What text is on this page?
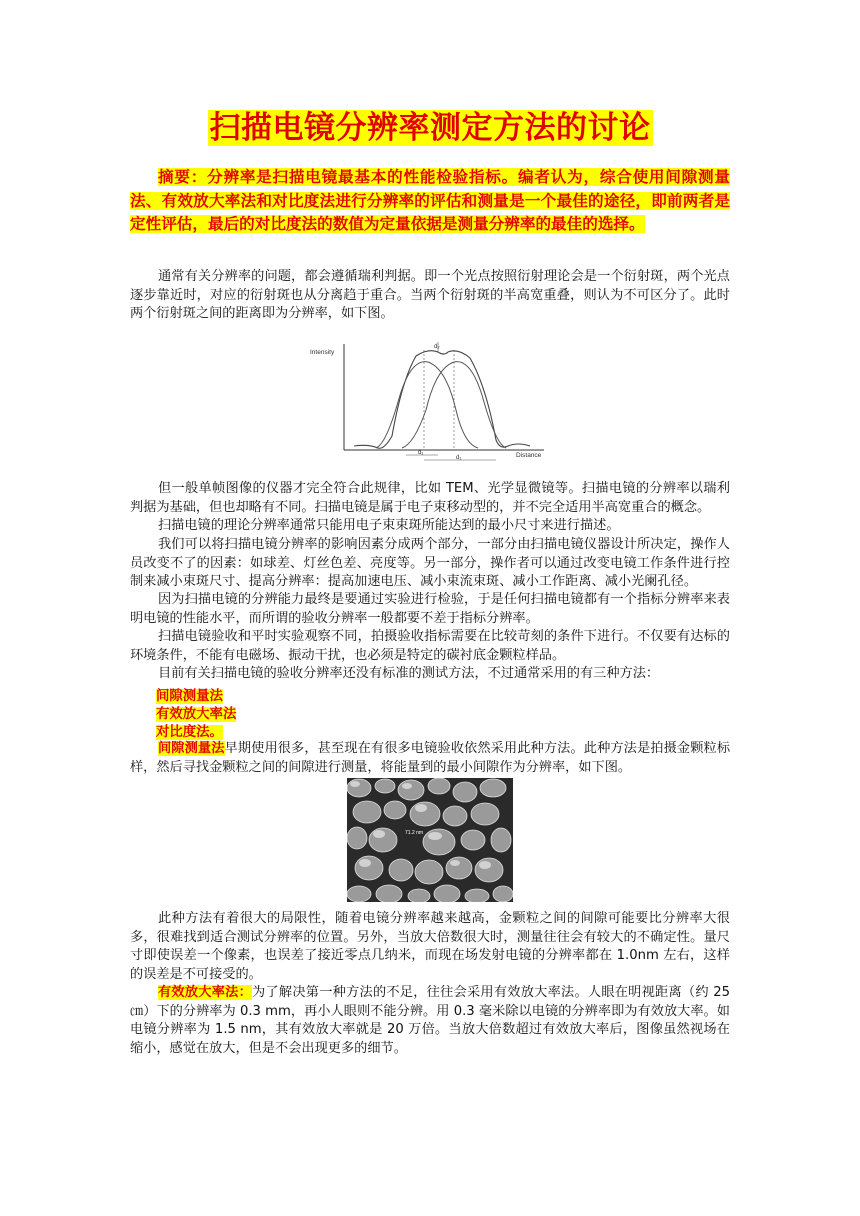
扫描电镜分辨率测定方法的讨论
摘要：分辨率是扫描电镜最基本的性能检验指标。编者认为，综合使用间隙测量法、有效放大率法和对比度法进行分辨率的评估和测量是一个最佳的途径，即前两者是定性评估，最后的对比度法的数值为定量依据是测量分辨率的最佳的选择。
通常有关分辨率的问题，都会遵循瑞利判据。即一个光点按照衍射理论会是一个衍射斑，两个光点逐步靠近时，对应的衍射斑也从分离趋于重合。当两个衍射斑的半高宽重叠，则认为不可区分了。此时两个衍射斑之间的距离即为分辨率，如下图。
Intensity
Distance
d₂
d₁
d₁
但一般单帧图像的仪器才完全符合此规律，比如 TEM、光学显微镜等。扫描电镜的分辨率以瑞利判据为基础，但也却略有不同。扫描电镜是属于电子束移动型的，并不完全适用半高宽重合的概念。
扫描电镜的理论分辨率通常只能用电子束束斑所能达到的最小尺寸来进行描述。
我们可以将扫描电镜分辨率的影响因素分成两个部分，一部分由扫描电镜仪器设计所决定，操作人员改变不了的因素：如球差、灯丝色差、亮度等。另一部分，操作者可以通过改变电镜工作条件进行控制来减小束斑尺寸、提高分辨率：提高加速电压、减小束流束斑、减小工作距离、减小光阑孔径。
因为扫描电镜的分辨能力最终是要通过实验进行检验，于是任何扫描电镜都有一个指标分辨率来表明电镜的性能水平，而所谓的验收分辨率一般都要不差于指标分辨率。
扫描电镜验收和平时实验观察不同，拍摄验收指标需要在比较苛刻的条件下进行。不仅要有达标的环境条件，不能有电磁场、振动干扰，也必须是特定的碳衬底金颗粒样品。
目前有关扫描电镜的验收分辨率还没有标准的测试方法，不过通常采用的有三种方法：
间隙测量法
有效放大率法
对比度法。
间隙测量法早期使用很多，甚至现在有很多电镜验收依然采用此种方法。此种方法是拍摄金颗粒标样，然后寻找金颗粒之间的间隙进行测量，将能量到的最小间隙作为分辨率，如下图。
71.2 nm
此种方法有着很大的局限性，随着电镜分辨率越来越高，金颗粒之间的间隙可能要比分辨率大很多，很难找到适合测试分辨率的位置。另外，当放大倍数很大时，测量往往会有较大的不确定性。量尺寸即使误差一个像素，也误差了接近零点几纳米，而现在场发射电镜的分辨率都在 1.0nm 左右，这样的误差是不可接受的。
有效放大率法：为了解决第一种方法的不足，往往会采用有效放大率法。人眼在明视距离（约 25㎝）下的分辨率为 0.3 mm，再小人眼则不能分辨。用 0.3 毫米除以电镜的分辨率即为有效放大率。如电镜分辨率为 1.5 nm，其有效放大率就是 20 万倍。当放大倍数超过有效放大率后，图像虽然视场在缩小，感觉在放大，但是不会出现更多的细节。
